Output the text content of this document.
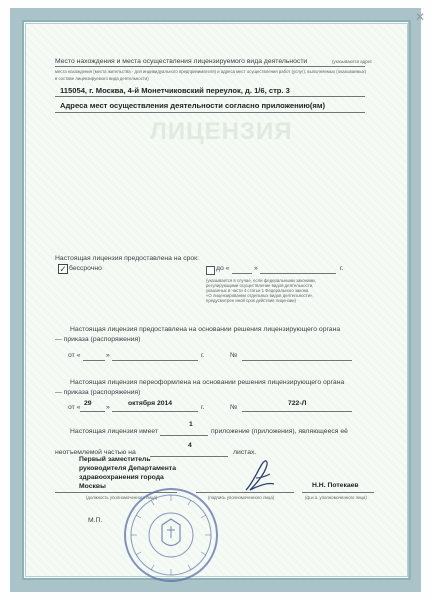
✕
Место нахождения и места осуществления лицензируемого вида деятельности	(указываются адрес
места нахождения (места жительства - для индивидуального предпринимателя) и адреса мест осуществления работ (услуг), выполняемых (оказываемых)
в составе лицензируемого вида деятельности)
115054, г. Москва, 4-й Монетчиковский переулок, д. 1/6, стр. 3
Адреса мест осуществления деятельности согласно приложению(ям)
ЛИЦЕНЗИЯ
Настоящая лицензия предоставлена на срок:
✓ бессрочно	до «	»	г.
(указывается в случае, если федеральными законами,
регулирующими осуществление видов деятельности,
указанных в части 4 статьи 1 Федерального закона
«О лицензировании отдельных видов деятельности»,
предусмотрен иной срок действия лицензии)
Настоящая лицензия предоставлена на основании решения лицензирующего органа
— приказа (распоряжения)
от «	»	г.	№
Настоящая лицензия переоформлена на основании решения лицензирующего органа
— приказа (распоряжения)
от «
29
»
октября 2014
г.	№
722-Л
Настоящая лицензия имеет
1
приложение (приложения), являющееся её
неотъемлемой частью на
4
листах.
Первый заместитель
руководителя Департамента
здравоохранения города
Москвы	Н.Н. Потекаев
(должность уполномоченного лица)	(подпись уполномоченного лица)	(ф.и.о. уполномоченного лица)
М.П.
